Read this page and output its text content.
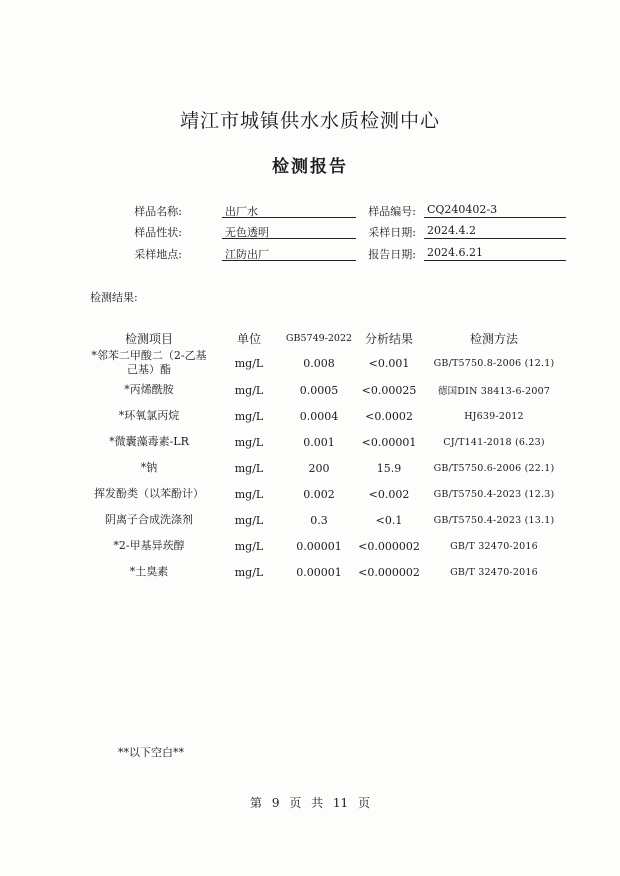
靖江市城镇供水水质检测中心
检测报告
样品名称:	出厂水	样品编号: CQ240402-3
样品性状:	无色透明	采样日期: 2024.4.2
采样地点:	江防出厂	报告日期: 2024.6.21
检测结果:
检测项目	单位	GB5749-2022	分析结果	检测方法
*邻苯二甲酸二（2-乙基己基）酯	mg/L	0.008	<0.001	GB/T5750.8-2006 (12.1)
*丙烯酰胺	mg/L	0.0005	<0.00025	德国DIN 38413-6-2007
*环氧氯丙烷	mg/L	0.0004	<0.0002	HJ639-2012
*微囊藻毒素-LR	mg/L	0.001	<0.00001	CJ/T141-2018 (6.23)
*钠	mg/L	200	15.9	GB/T5750.6-2006 (22.1)
挥发酚类（以苯酚计）	mg/L	0.002	<0.002	GB/T5750.4-2023 (12.3)
阴离子合成洗涤剂	mg/L	0.3	<0.1	GB/T5750.4-2023 (13.1)
*2-甲基异莰醇	mg/L	0.00001	<0.000002	GB/T 32470-2016
*土臭素	mg/L	0.00001	<0.000002	GB/T 32470-2016
**以下空白**
第 9 页 共 11 页
